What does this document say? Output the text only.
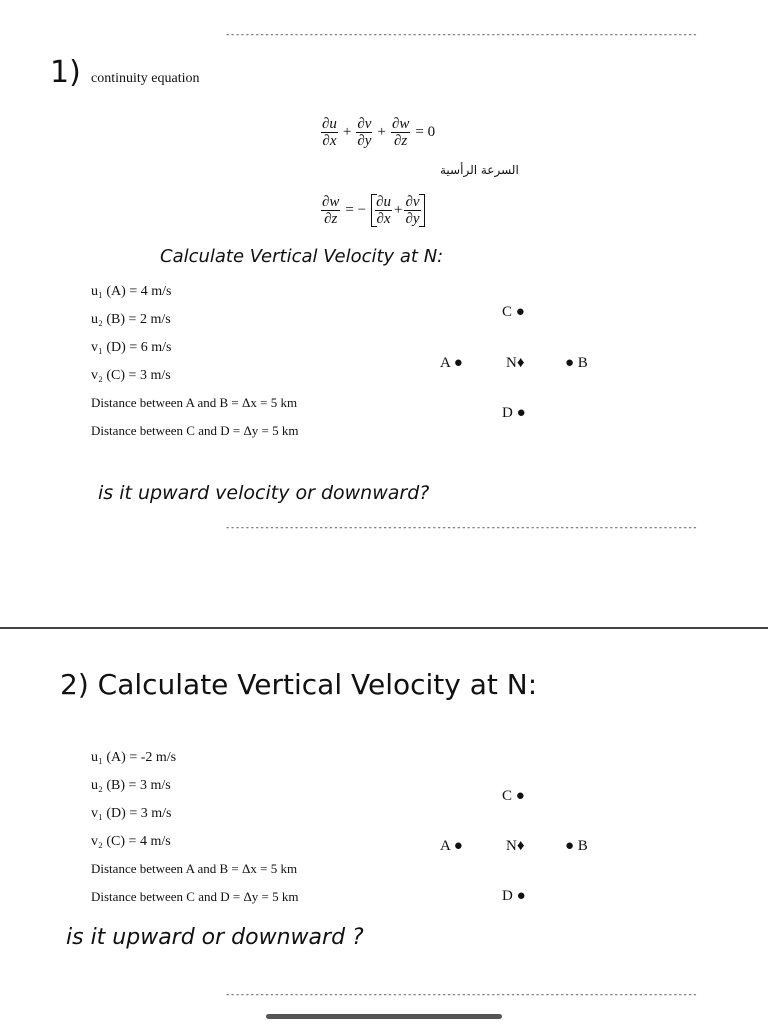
------------------------------------------------------------------------------------------------
1) continuity equation
$\frac{\partial u}{\partial x} + \frac{\partial v}{\partial y} + \frac{\partial w}{\partial z} = 0$
السرعة الرأسية
$\frac{\partial w}{\partial z}$ = − $\frac{\partial u}{\partial x} + \frac{\partial v}{\partial y}$
Calculate Vertical Velocity at N:
u₁ (A) = 4 m/s
u₂ (B) = 2 m/s
v₁ (D) = 6 m/s
v₂ (C) = 3 m/s
Distance between A and B = Δx = 5 km
Distance between C and D = Δy = 5 km
C ●
A ●	N♦	● B
D ●
is it upward velocity or downward?
------------------------------------------------------------------------------------------------
2) Calculate Vertical Velocity at N:
u₁ (A) = -2 m/s
u₂ (B) = 3 m/s
v₁ (D) = 3 m/s
v₂ (C) = 4 m/s
Distance between A and B = Δx = 5 km
Distance between C and D = Δy = 5 km
C ●
A ●	N♦	● B
D ●
is it upward or downward ?
------------------------------------------------------------------------------------------------
